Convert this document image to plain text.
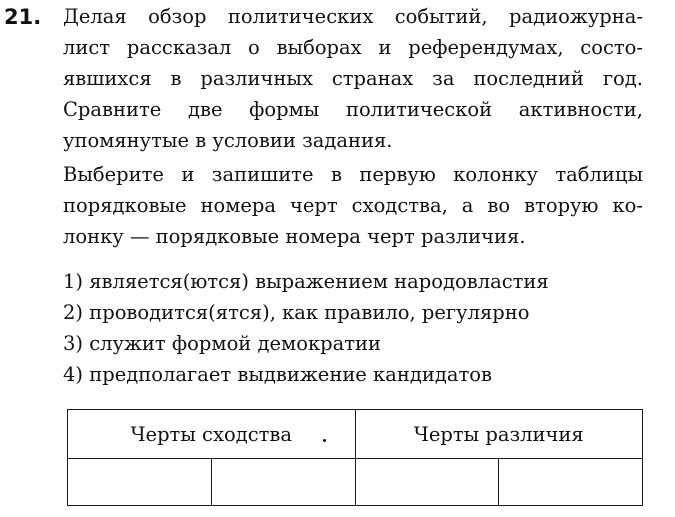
21. Делая обзор политических событий, радиожурна-
лист рассказал о выборах и референдумах, состо-
явшихся в различных странах за последний год.
Сравните две формы политической активности,
упомянутые в условии задания.
Выберите и запишите в первую колонку таблицы
порядковые номера черт сходства, а во вторую ко-
лонку — порядковые номера черт различия.
1) является(ются) выражением народовластия
2) проводится(ятся), как правило, регулярно
3) служит формой демократии
4) предполагает выдвижение кандидатов
Черты сходства		Черты различия	
